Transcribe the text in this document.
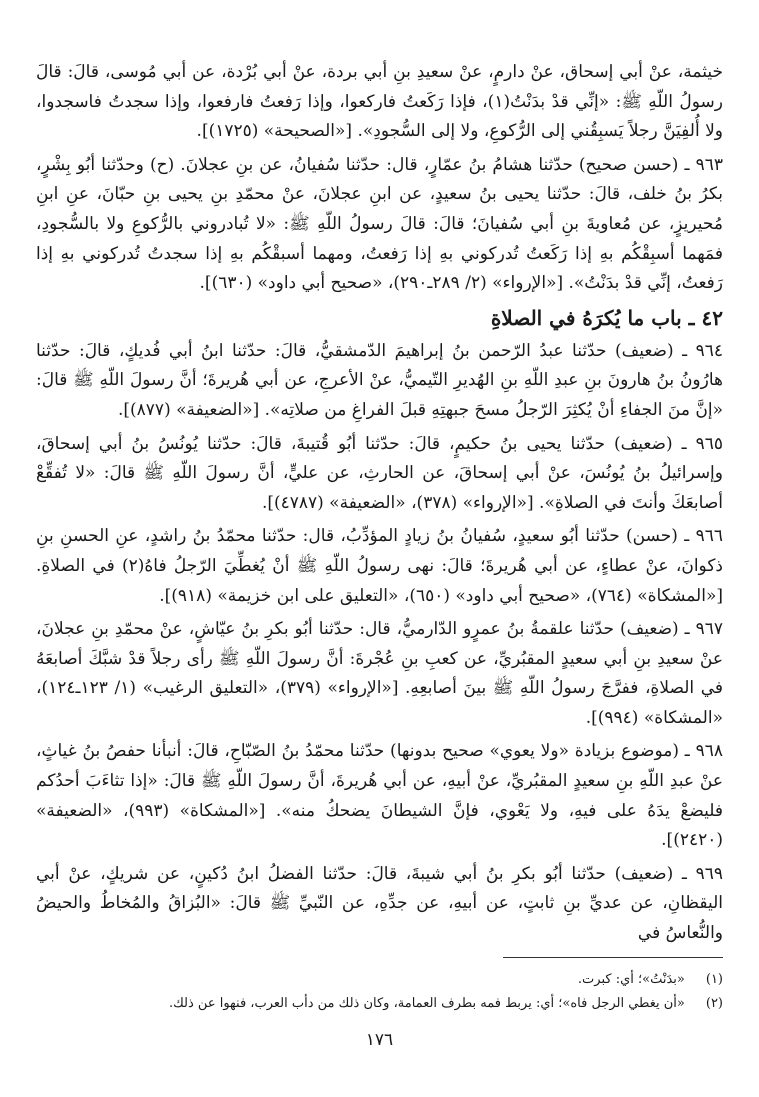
خيثمة، عنْ أبي إسحاق، عنْ دارمٍ، عنْ سعيدِ بنِ أبي بردة، عنْ أبي بُرْدة، عن أبي مُوسى، قالَ: قالَ رسولُ اللّهِ ﷺ: «إنِّي قدْ بدَنْتُ(١)، فإذا رَكَعتُ فاركعوا، وإذا رَفعتُ فارفعوا، وإذا سجدتُ فاسجدوا، ولا أُلفِيَنَّ رجلاً يَسبِقُني إلى الرُّكوعِ، ولا إلى السُّجودِ». [«الصحيحة» (١٧٢٥)].

٩٦٣ ـ (حسن صحيح) حدّثنا هشامُ بنُ عمّارٍ، قال: حدّثنا سُفيانُ، عن بنِ عجلانَ. (ح) وحدّثنا أبُو بِشْرٍ، بكرُ بنُ خلف، قالَ: حدّثنا يحيى بنُ سعيدٍ، عن ابنِ عجلانَ، عنْ محمّدِ بنِ يحيى بنِ حبّانَ، عنِ ابنِ مُحيريزٍ، عن مُعاويةَ بنِ أبي سُفيانَ؛ قالَ: قالَ رسولُ اللّهِ ﷺ: «لا تُبادروني بالرُّكوعِ ولا بالسُّجودِ، فمَهما أسبِقْكُم بهِ إذا رَكَعتُ تُدركوني بهِ إذا رَفعتُ، ومهما أسبقْكُم بهِ إذا سجدتُ تُدركوني بهِ إذا رَفعتُ، إنِّي قدْ بدَنْتُ». [«الإرواء» (٢/ ٢٨٩ـ٢٩٠)، «صحيح أبي داود» (٦٣٠)].

٤٢ ـ باب ما يُكرَهُ في الصلاةِ

٩٦٤ ـ (ضعيف) حدّثنا عبدُ الرّحمن بنُ إبراهيمَ الدّمشقيُّ، قالَ: حدّثنا ابنُ أبي فُديكٍ، قالَ: حدّثنا هارُونُ بنُ هارونَ بنِ عبدِ اللّهِ بنِ الهُديرِ التّيميُّ، عنْ الأعرجِ، عن أبي هُريرةَ؛ أنَّ رسولَ اللّهِ ﷺ قالَ: «إنَّ منَ الجفاءِ أنْ يُكثِرَ الرّجلُ مسحَ جبهتِهِ قبلَ الفراغِ من صلاتِه». [«الضعيفة» (٨٧٧)].

٩٦٥ ـ (ضعيف) حدّثنا يحيى بنُ حكيمٍ، قالَ: حدّثنا أبُو قُتيبةَ، قالَ: حدّثنا يُونُسُ بنُ أبي إسحاقَ، وإسرائيلُ بنُ يُونُسَ، عنْ أبي إسحاقَ، عن الحارثِ، عن عليٍّ، أنَّ رسولَ اللّهِ ﷺ قالَ: «لا تُفقِّعْ أصابعَكَ وأنتَ في الصلاةِ». [«الإرواء» (٣٧٨)، «الضعيفة» (٤٧٨٧)].

٩٦٦ ـ (حسن) حدّثنا أبُو سعيدٍ، سُفيانُ بنُ زيادٍ المؤدِّبُ، قال: حدّثنا محمّدُ بنُ راشدٍ، عنِ الحسنِ بنِ ذكوانَ، عنْ عطاءٍ، عن أبي هُريرةَ؛ قالَ: نهى رسولُ اللّهِ ﷺ أنْ يُغطِّيَ الرّجلُ فاهُ(٢) في الصلاةِ. [«المشكاة» (٧٦٤)، «صحيح أبي داود» (٦٥٠)، «التعليق على ابن خزيمة» (٩١٨)].

٩٦٧ ـ (ضعيف) حدّثنا علقمةُ بنُ عمرٍو الدّارميُّ، قال: حدّثنا أبُو بكرِ بنُ عيّاشٍ، عنْ محمّدِ بنِ عجلانَ، عنْ سعيدِ بنِ أبي سعيدٍ المقبُريِّ، عن كعبِ بنِ عُجْرةَ: أنَّ رسولَ اللّهِ ﷺ رأى رجلاً قدْ شبَّكَ أصابعَهُ في الصلاةِ، ففرَّجَ رسولُ اللّهِ ﷺ بينَ أصابعِهِ. [«الإرواء» (٣٧٩)، «التعليق الرغيب» (١/ ١٢٣ـ١٢٤)، «المشكاة» (٩٩٤)].

٩٦٨ ـ (موضوع بزيادة «ولا يعوي» صحيح بدونها) حدّثنا محمّدُ بنُ الصّبّاحِ، قالَ: أنبأنا حفصُ بنُ غياثٍ، عنْ عبدِ اللّهِ بنِ سعيدٍ المقبُريِّ، عنْ أبيهِ، عن أبي هُريرةَ، أنَّ رسولَ اللّهِ ﷺ قالَ: «إذا تثاءَبَ أحدُكم فليضعْ يدَهُ على فيهِ، ولا يَعْوي، فإنَّ الشيطانَ يضحكُ منه». [«المشكاة» (٩٩٣)، «الضعيفة» (٢٤٢٠)].

٩٦٩ ـ (ضعيف) حدّثنا أبُو بكرِ بنُ أبي شيبةَ، قالَ: حدّثنا الفضلُ ابنُ دُكينٍ، عن شريكٍ، عنْ أبي اليقظانِ، عن عديِّ بنِ ثابتٍ، عن أبيهِ، عن جدِّهِ، عن النّبيِّ ﷺ قالَ: «البُزاقُ والمُخاطُ والحيضُ والنُّعاسُ في

(١) «بدَنْتُ»؛ أي: كبرت.
(٢) «أن يغطي الرجل فاه»؛ أي: يربط فمه بطرف العمامة، وكان ذلك من دأب العرب، فنهوا عن ذلك.
١٧٦
